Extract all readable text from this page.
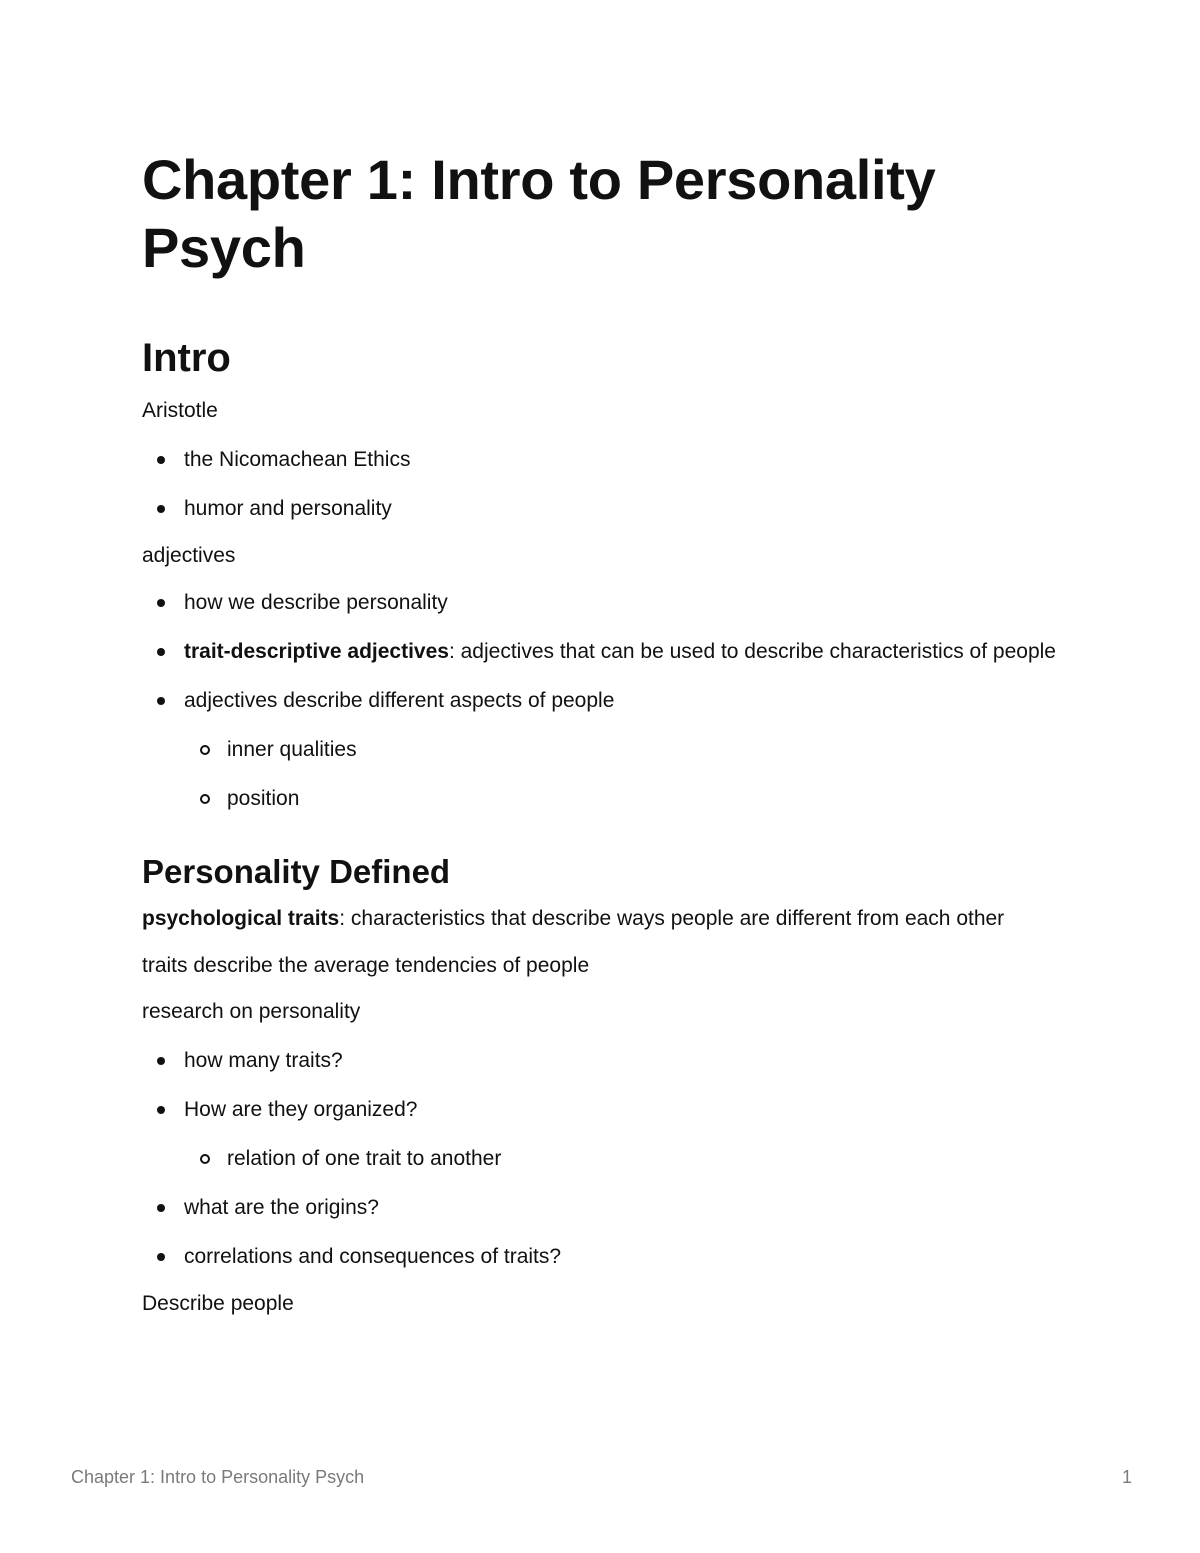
Chapter 1: Intro to Personality Psych
Intro

Aristotle

the Nicomachean Ethics
humor and personality

adjectives

how we describe personality
trait-descriptive adjectives: adjectives that can be used to describe characteristics of people
adjectives describe different aspects of people
inner qualities
position
Personality Defined

psychological traits: characteristics that describe ways people are different from each other

traits describe the average tendencies of people

research on personality

how many traits?
How are they organized?
relation of one trait to another
what are the origins?
correlations and consequences of traits?

Describe people

Chapter 1: Intro to Personality Psych	1
